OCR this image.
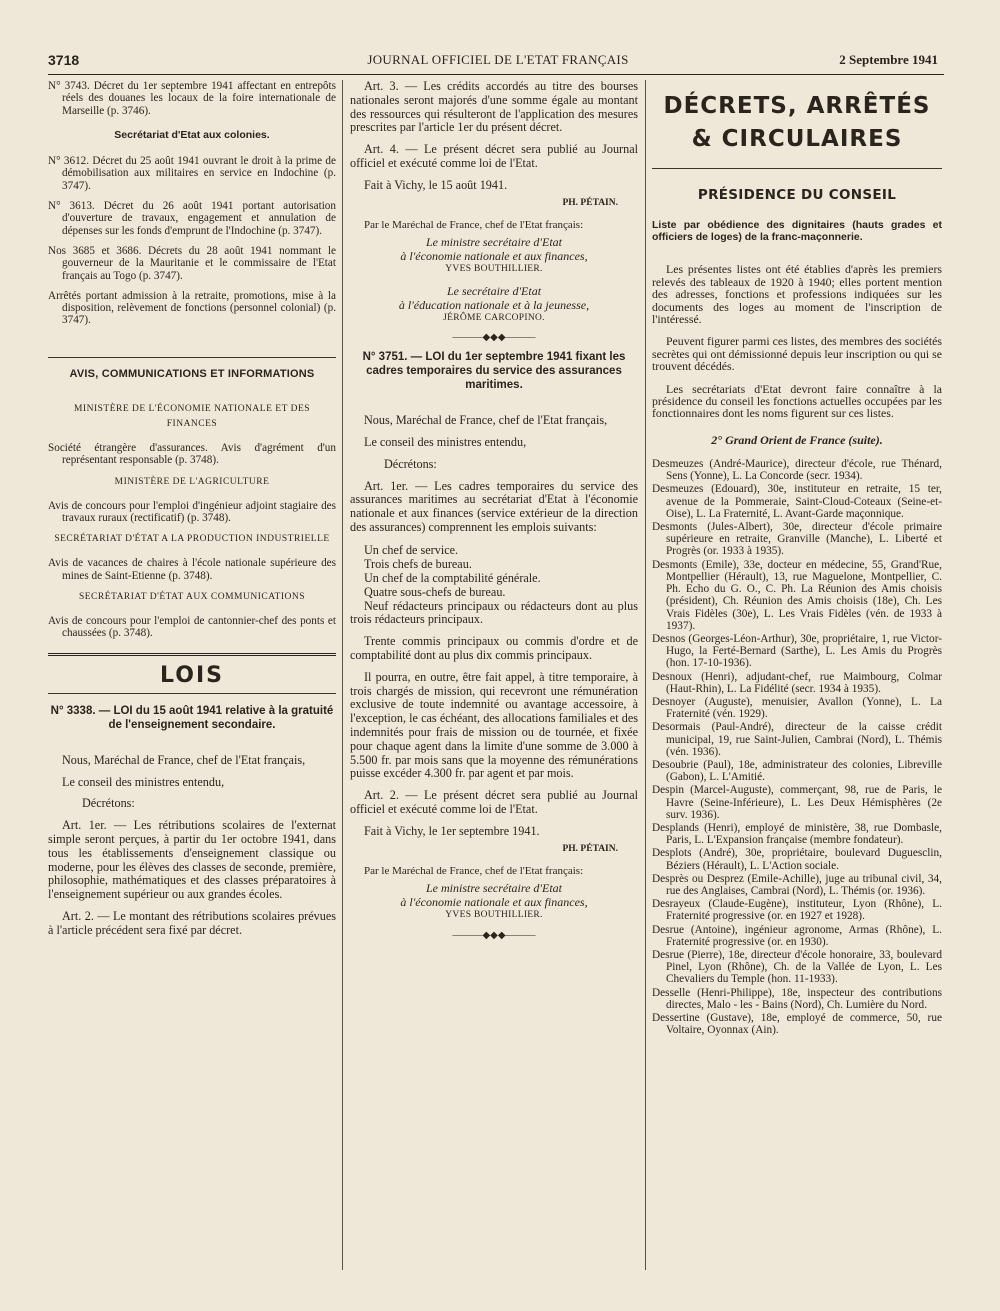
3718	JOURNAL OFFICIEL DE L'ETAT FRANÇAIS	2 Septembre 1941
N° 3743. Décret du 1er septembre 1941 affectant en entrepôts réels des douanes les locaux de la foire internationale de Marseille (p. 3746).
Secrétariat d'Etat aux colonies.
N° 3612. Décret du 25 août 1941 ouvrant le droit à la prime de démobilisation aux militaires en service en Indochine (p. 3747).
N° 3613. Décret du 26 août 1941 portant autorisation d'ouverture de travaux, engagement et annulation de dépenses sur les fonds d'emprunt de l'Indochine (p. 3747).
Nos 3685 et 3686. Décrets du 28 août 1941 nommant le gouverneur de la Mauritanie et le commissaire de l'Etat français au Togo (p. 3747).
Arrêtés portant admission à la retraite, promotions, mise à la disposition, relèvement de fonctions (personnel colonial) (p. 3747).
AVIS, COMMUNICATIONS ET INFORMATIONS
MINISTÈRE DE L'ÉCONOMIE NATIONALE ET DES FINANCES
Société étrangère d'assurances. Avis d'agrément d'un représentant responsable (p. 3748).
MINISTÈRE DE L'AGRICULTURE
Avis de concours pour l'emploi d'ingénieur adjoint stagiaire des travaux ruraux (rectificatif) (p. 3748).
SECRÉTARIAT D'ÉTAT A LA PRODUCTION INDUSTRIELLE
Avis de vacances de chaires à l'école nationale supérieure des mines de Saint-Etienne (p. 3748).
SECRÉTARIAT D'ÉTAT AUX COMMUNICATIONS
Avis de concours pour l'emploi de cantonnier-chef des ponts et chaussées (p. 3748).
LOIS
N° 3338. — LOI du 15 août 1941 relative à la gratuité de l'enseignement secondaire.
Nous, Maréchal de France, chef de l'Etat français,
Le conseil des ministres entendu,
Décrétons:
Art. 1er. — Les rétributions scolaires de l'externat simple seront perçues, à partir du 1er octobre 1941, dans tous les établissements d'enseignement classique ou moderne, pour les élèves des classes de seconde, première, philosophie, mathématiques et des classes préparatoires à l'enseignement supérieur ou aux grandes écoles.
Art. 2. — Le montant des rétributions scolaires prévues à l'article précédent sera fixé par décret.
Art. 3. — Les crédits accordés au titre des bourses nationales seront majorés d'une somme égale au montant des ressources qui résulteront de l'application des mesures prescrites par l'article 1er du présent décret.
Art. 4. — Le présent décret sera publié au Journal officiel et exécuté comme loi de l'Etat.
Fait à Vichy, le 15 août 1941.
PH. PÉTAIN.
Par le Maréchal de France, chef de l'Etat français:
Le ministre secrétaire d'Etat
à l'économie nationale et aux finances,
YVES BOUTHILLIER.
Le secrétaire d'Etat
à l'éducation nationale et à la jeunesse,
JÉRÔME CARCOPINO.
———◆◆◆———
N° 3751. — LOI du 1er septembre 1941 fixant les cadres temporaires du service des assurances maritimes.
Nous, Maréchal de France, chef de l'Etat français,
Le conseil des ministres entendu,
Décrétons:
Art. 1er. — Les cadres temporaires du service des assurances maritimes au secrétariat d'Etat à l'économie nationale et aux finances (service extérieur de la direction des assurances) comprennent les emplois suivants:
Un chef de service.
Trois chefs de bureau.
Un chef de la comptabilité générale.
Quatre sous-chefs de bureau.
Neuf rédacteurs principaux ou rédacteurs dont au plus trois rédacteurs principaux.
Trente commis principaux ou commis d'ordre et de comptabilité dont au plus dix commis principaux.
Il pourra, en outre, être fait appel, à titre temporaire, à trois chargés de mission, qui recevront une rémunération exclusive de toute indemnité ou avantage accessoire, à l'exception, le cas échéant, des allocations familiales et des indemnités pour frais de mission ou de tournée, et fixée pour chaque agent dans la limite d'une somme de 3.000 à 5.500 fr. par mois sans que la moyenne des rémunérations puisse excéder 4.300 fr. par agent et par mois.
Art. 2. — Le présent décret sera publié au Journal officiel et exécuté comme loi de l'Etat.
Fait à Vichy, le 1er septembre 1941.
PH. PÉTAIN.
Par le Maréchal de France, chef de l'Etat français:
Le ministre secrétaire d'Etat
à l'économie nationale et aux finances,
YVES BOUTHILLIER.
———◆◆◆———
DÉCRETS, ARRÊTÉS
& CIRCULAIRES
PRÉSIDENCE DU CONSEIL
Liste par obédience des dignitaires (hauts grades et officiers de loges) de la franc-maçonnerie.
Les présentes listes ont été établies d'après les premiers relevés des tableaux de 1920 à 1940; elles portent mention des adresses, fonctions et professions indiquées sur les documents des loges au moment de l'inscription de l'intéressé.
Peuvent figurer parmi ces listes, des membres des sociétés secrètes qui ont démissionné depuis leur inscription ou qui se trouvent décédés.
Les secrétariats d'Etat devront faire connaître à la présidence du conseil les fonctions actuelles occupées par les fonctionnaires dont les noms figurent sur ces listes.
2° Grand Orient de France (suite).
Desmeuzes (André-Maurice), directeur d'école, rue Thénard, Sens (Yonne), L. La Concorde (secr. 1934).
Desmeuzes (Edouard), 30e, instituteur en retraite, 15 ter, avenue de la Pommeraie, Saint-Cloud-Coteaux (Seine-et-Oise), L. La Fraternité, L. Avant-Garde maçonnique.
Desmonts (Jules-Albert), 30e, directeur d'école primaire supérieure en retraite, Granville (Manche), L. Liberté et Progrès (or. 1933 à 1935).
Desmonts (Emile), 33e, docteur en médecine, 55, Grand'Rue, Montpellier (Hérault), 13, rue Maguelone, Montpellier, C. Ph. Echo du G. O., C. Ph. La Réunion des Amis choisis (président), Ch. Réunion des Amis choisis (18e), Ch. Les Vrais Fidèles (30e), L. Les Vrais Fidèles (vén. de 1933 à 1937).
Desnos (Georges-Léon-Arthur), 30e, propriétaire, 1, rue Victor-Hugo, la Ferté-Bernard (Sarthe), L. Les Amis du Progrès (hon. 17-10-1936).
Desnoux (Henri), adjudant-chef, rue Maimbourg, Colmar (Haut-Rhin), L. La Fidélité (secr. 1934 à 1935).
Desnoyer (Auguste), menuisier, Avallon (Yonne), L. La Fraternité (vén. 1929).
Desormais (Paul-André), directeur de la caisse crédit municipal, 19, rue Saint-Julien, Cambrai (Nord), L. Thémis (vén. 1936).
Desoubrie (Paul), 18e, administrateur des colonies, Libreville (Gabon), L. L'Amitié.
Despin (Marcel-Auguste), commerçant, 98, rue de Paris, le Havre (Seine-Inférieure), L. Les Deux Hémisphères (2e surv. 1936).
Desplands (Henri), employé de ministère, 38, rue Dombasle, Paris, L. L'Expansion française (membre fondateur).
Desplots (André), 30e, propriétaire, boulevard Duguesclin, Béziers (Hérault), L. L'Action sociale.
Desprès ou Desprez (Emile-Achille), juge au tribunal civil, 34, rue des Anglaises, Cambrai (Nord), L. Thémis (or. 1936).
Desrayeux (Claude-Eugène), instituteur, Lyon (Rhône), L. Fraternité progressive (or. en 1927 et 1928).
Desrue (Antoine), ingénieur agronome, Armas (Rhône), L. Fraternité progressive (or. en 1930).
Desrue (Pierre), 18e, directeur d'école honoraire, 33, boulevard Pinel, Lyon (Rhône), Ch. de la Vallée de Lyon, L. Les Chevaliers du Temple (hon. 11-1933).
Desselle (Henri-Philippe), 18e, inspecteur des contributions directes, Malo - les - Bains (Nord), Ch. Lumière du Nord.
Dessertine (Gustave), 18e, employé de commerce, 50, rue Voltaire, Oyonnax (Ain).
